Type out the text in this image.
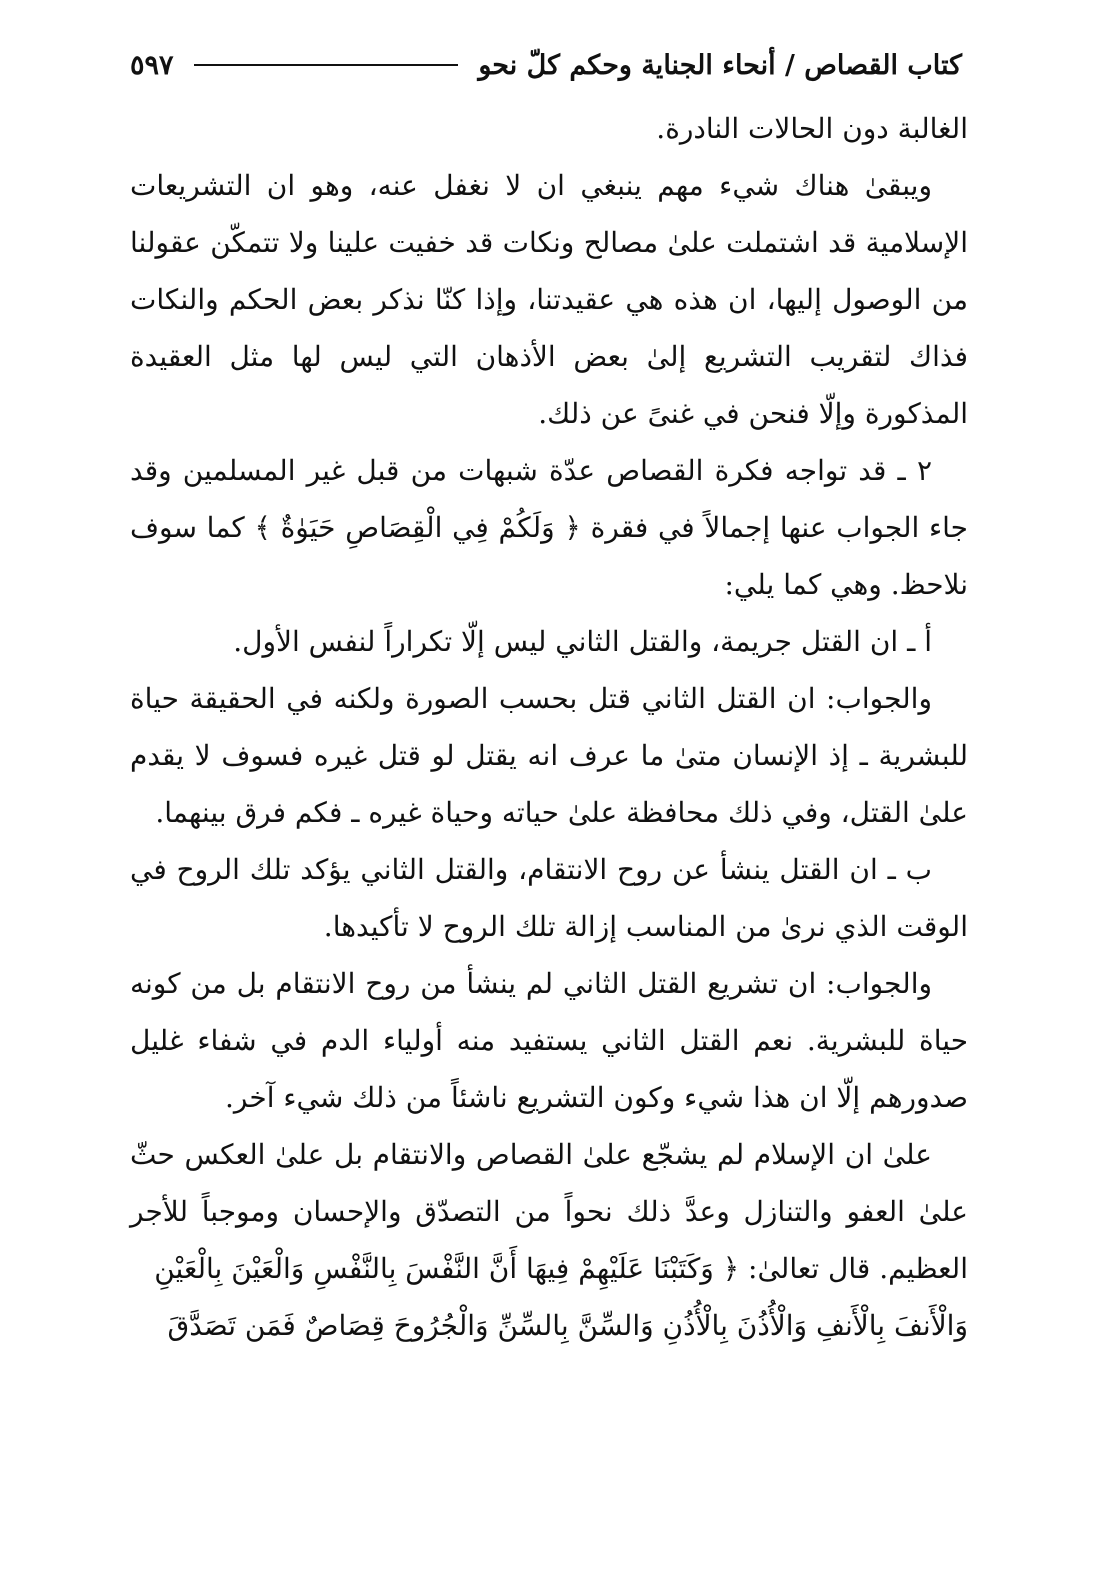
كتاب القصاص / أنحاء الجناية وحكم كلّ نحو
٥٩٧

الغالبة دون الحالات النادرة.

ويبقىٰ هناك شيء مهم ينبغي ان لا نغفل عنه، وهو ان التشريعات الإسلامية قد اشتملت علىٰ مصالح ونكات قد خفيت علينا ولا تتمكّن عقولنا من الوصول إليها، ان هذه هي عقيدتنا، وإذا كنّا نذكر بعض الحكم والنكات فذاك لتقريب التشريع إلىٰ بعض الأذهان التي ليس لها مثل العقيدة المذكورة وإلّا فنحن في غنىً عن ذلك.

٢ ـ قد تواجه فكرة القصاص عدّة شبهات من قبل غير المسلمين وقد جاء الجواب عنها إجمالاً في فقرة ﴿ وَلَكُمْ فِي الْقِصَاصِ حَيَوٰةٌ ﴾ كما سوف نلاحظ. وهي كما يلي:

أ ـ ان القتل جريمة، والقتل الثاني ليس إلّا تكراراً لنفس الأول.

والجواب: ان القتل الثاني قتل بحسب الصورة ولكنه في الحقيقة حياة للبشرية ـ إذ الإنسان متىٰ ما عرف انه يقتل لو قتل غيره فسوف لا يقدم علىٰ القتل، وفي ذلك محافظة علىٰ حياته وحياة غيره ـ فكم فرق بينهما.

ب ـ ان القتل ينشأ عن روح الانتقام، والقتل الثاني يؤكد تلك الروح في الوقت الذي نرىٰ من المناسب إزالة تلك الروح لا تأكيدها.

والجواب: ان تشريع القتل الثاني لم ينشأ من روح الانتقام بل من كونه حياة للبشرية. نعم القتل الثاني يستفيد منه أولياء الدم في شفاء غليل صدورهم إلّا ان هذا شيء وكون التشريع ناشئاً من ذلك شيء آخر.

علىٰ ان الإسلام لم يشجّع علىٰ القصاص والانتقام بل علىٰ العكس حثّ علىٰ العفو والتنازل وعدَّ ذلك نحواً من التصدّق والإحسان وموجباً للأجر العظيم. قال تعالىٰ: ﴿ وَكَتَبْنَا عَلَيْهِمْ فِيهَا أَنَّ النَّفْسَ بِالنَّفْسِ وَالْعَيْنَ بِالْعَيْنِ

وَالْأَنفَ بِالْأَنفِ وَالْأُذُنَ بِالْأُذُنِ وَالسِّنَّ بِالسِّنِّ وَالْجُرُوحَ قِصَاصٌ فَمَن تَصَدَّقَ
